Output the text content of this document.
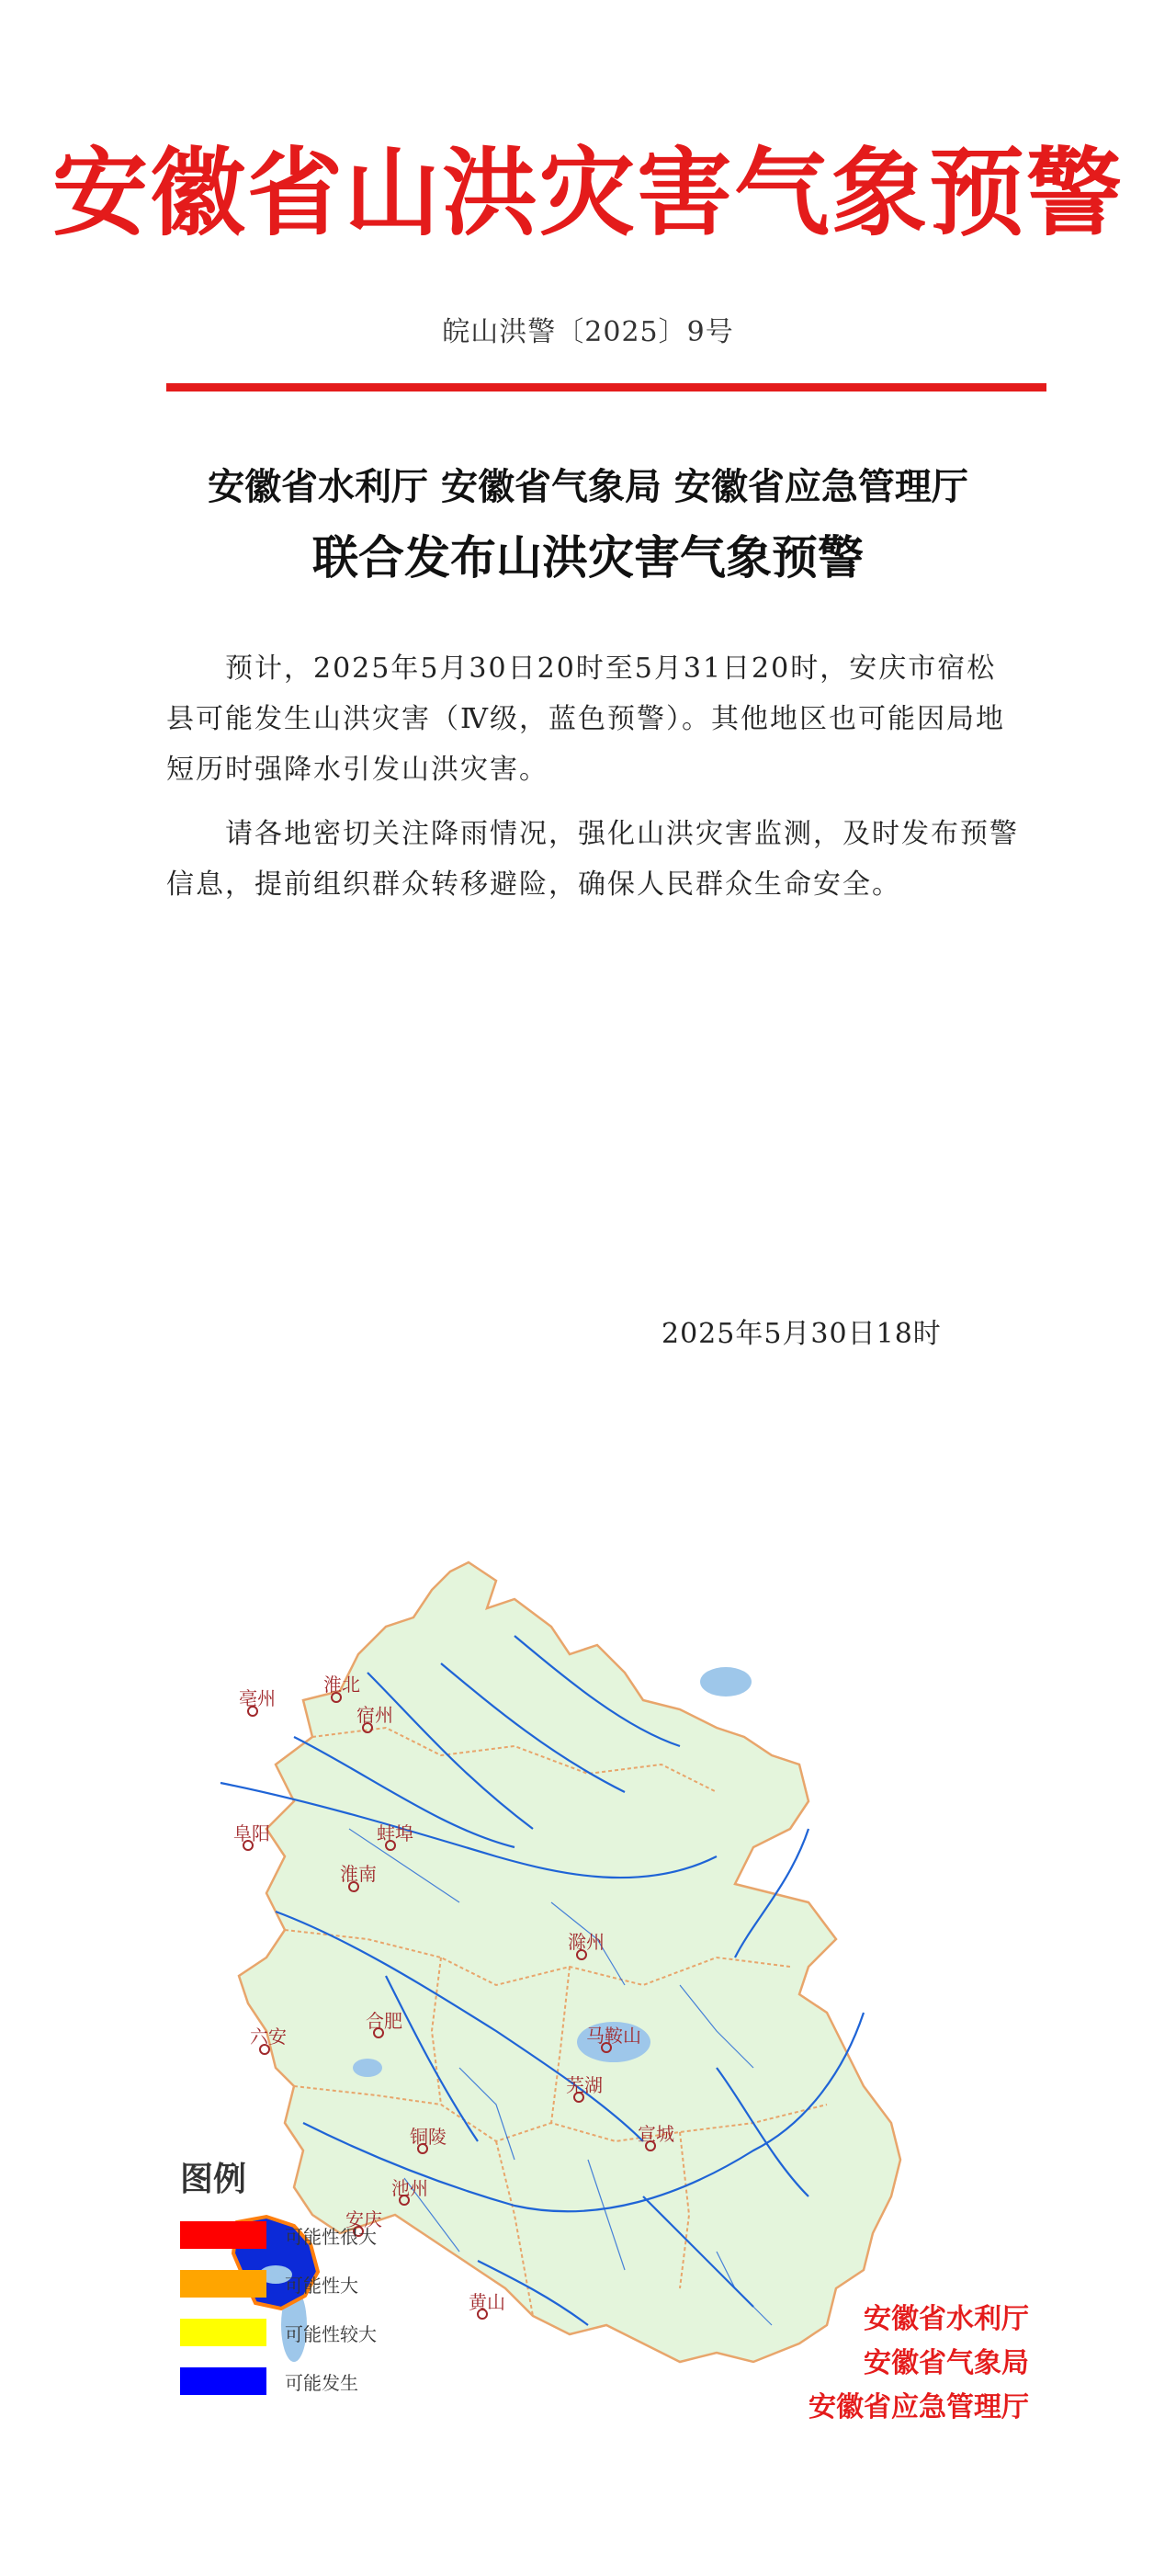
安徽省山洪灾害气象预警
皖山洪警〔2025〕9号
安徽省水利厅 安徽省气象局 安徽省应急管理厅
联合发布山洪灾害气象预警

预计，2025年5月30日20时至5月31日20时，安庆市宿松县可能发生山洪灾害（Ⅳ级，蓝色预警）。其他地区也可能因局地短历时强降水引发山洪灾害。

请各地密切关注降雨情况，强化山洪灾害监测，及时发布预警信息，提前组织群众转移避险，确保人民群众生命安全。

2025年5月30日18时
亳州
淮北
宿州
阜阳	蚌埠
淮南
滁州
六安
合肥
马鞍山
芜湖
铜陵	宣城
池州
安庆
黄山
图例
可能性很大
可能性大
可能性较大
可能发生
安徽省水利厅
安徽省气象局
安徽省应急管理厅
